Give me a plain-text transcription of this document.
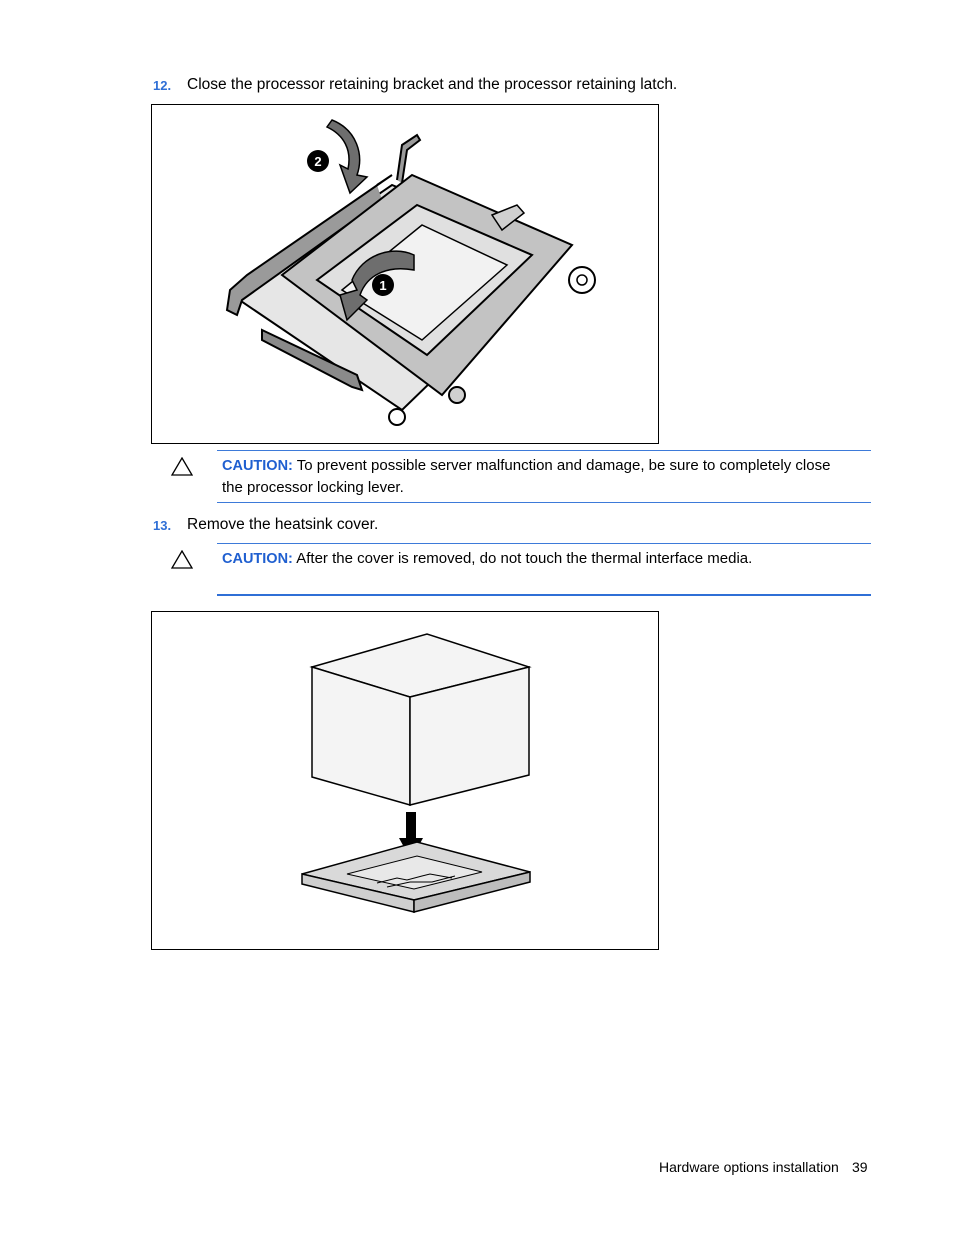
12. Close the processor retaining bracket and the processor retaining latch.
2
1
CAUTION: To prevent possible server malfunction and damage, be sure to completely close
the processor locking lever.
13. Remove the heatsink cover.
CAUTION: After the cover is removed, do not touch the thermal interface media.
Hardware options installation 39
